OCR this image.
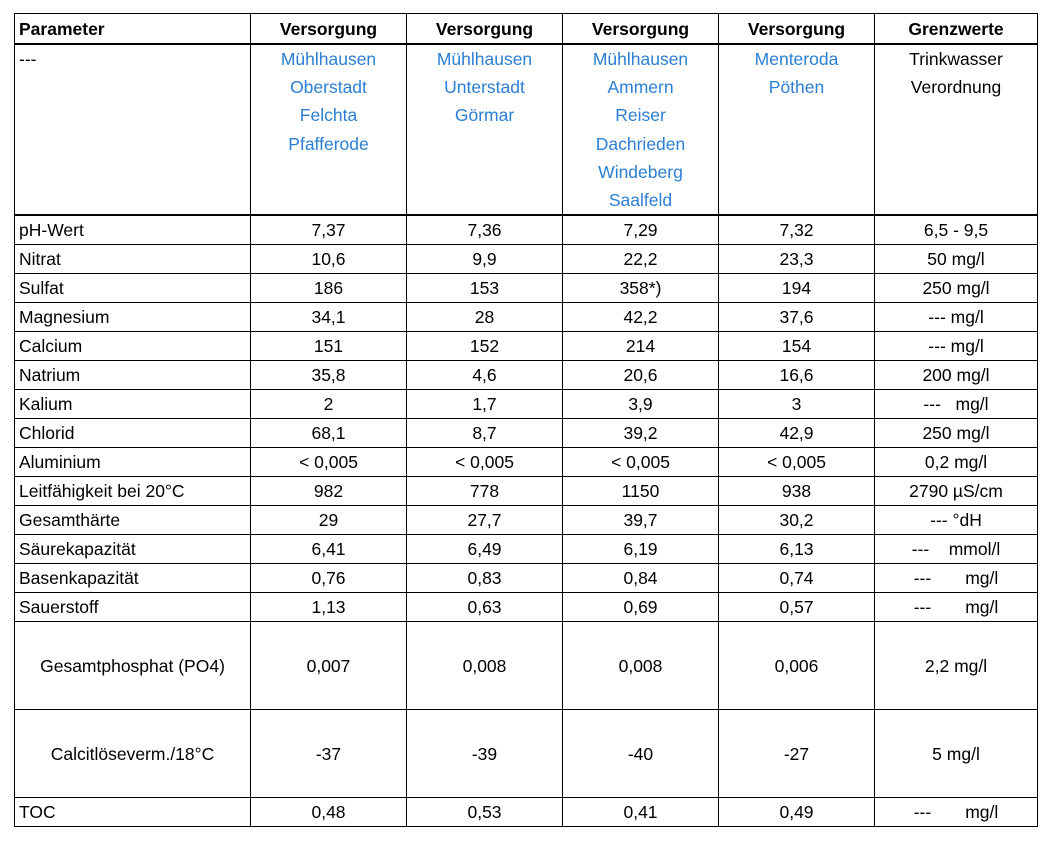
Parameter	Versorgung	Versorgung	Versorgung	Versorgung	Grenzwerte
---	Mühlhausen	Mühlhausen	Mühlhausen	Menteroda	Trinkwasser
	Oberstadt	Unterstadt	Ammern	Pöthen	Verordnung
	Felchta	Görmar	Reiser		
	Pfafferode		Dachrieden		
			Windeberg		
			Saalfeld		
pH-Wert	7,37	7,36	7,29	7,32	6,5 - 9,5
Nitrat	10,6	9,9	22,2	23,3	50 mg/l
Sulfat	186	153	358*)	194	250 mg/l
Magnesium	34,1	28	42,2	37,6	--- mg/l
Calcium	151	152	214	154	--- mg/l
Natrium	35,8	4,6	20,6	16,6	200 mg/l
Kalium	2	1,7	3,9	3	---   mg/l
Chlorid	68,1	8,7	39,2	42,9	250 mg/l
Aluminium	< 0,005	< 0,005	< 0,005	< 0,005	0,2 mg/l
Leitfähigkeit bei 20°C	982	778	1150	938	2790 µS/cm
Gesamthärte	29	27,7	39,7	30,2	--- °dH
Säurekapazität	6,41	6,49	6,19	6,13	---    mmol/l
Basenkapazität	0,76	0,83	0,84	0,74	---       mg/l
Sauerstoff	1,13	0,63	0,69	0,57	---       mg/l
Gesamtphosphat (PO4)	0,007	0,008	0,008	0,006	2,2 mg/l
Calcitlöseverm./18°C	-37	-39	-40	-27	5 mg/l
TOC	0,48	0,53	0,41	0,49	---       mg/l
